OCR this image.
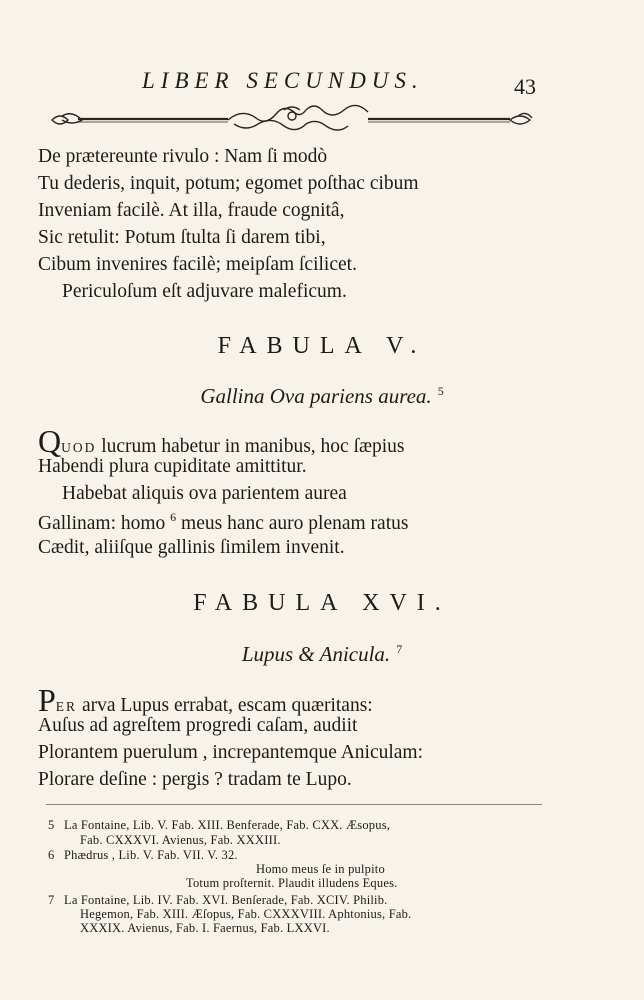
LIBER SECUNDUS.	43
De prætereunte rivulo : Nam ſi modò
Tu dederis, inquit, potum; egomet poſthac cibum
Inveniam facilè. At illa, fraude cognitâ,
Sic retulit: Potum ſtulta ſi darem tibi,
Cibum invenires facilè; meipſam ſcilicet.
Periculoſum eſt adjuvare maleficum.
FABULA V.
Gallina Ova pariens aurea. $^5$
QUOD lucrum habetur in manibus, hoc ſæpius
Habendi plura cupiditate amittitur.
Habebat aliquis ova parientem aurea
Gallinam: homo $^6$ meus hanc auro plenam ratus
Cædit, aliiſque gallinis ſimilem invenit.
FABULA XVI.
Lupus & Anicula. $^7$
PER arva Lupus errabat, escam quæritans:
Auſus ad agreſtem progredi caſam, audiit
Plorantem puerulum , increpantemque Aniculam:
Plorare deſine : pergis ? tradam te Lupo.
5 La Fontaine, Lib. V. Fab. XIII. Benferade, Fab. CXX. Æsopus,
Fab. CXXXVI. Avienus, Fab. XXXIII.
6 Phædrus , Lib. V. Fab. VII. V. 32.
Homo meus ſe in pulpito
Totum proſternit. Plaudit illudens Eques.
7 La Fontaine, Lib. IV. Fab. XVI. Benſerade, Fab. XCIV. Philib.
Hegemon, Fab. XIII. Æſopus, Fab. CXXXVIII. Aphtonius, Fab.
XXXIX. Avienus, Fab. I. Faernus, Fab. LXXVI.
